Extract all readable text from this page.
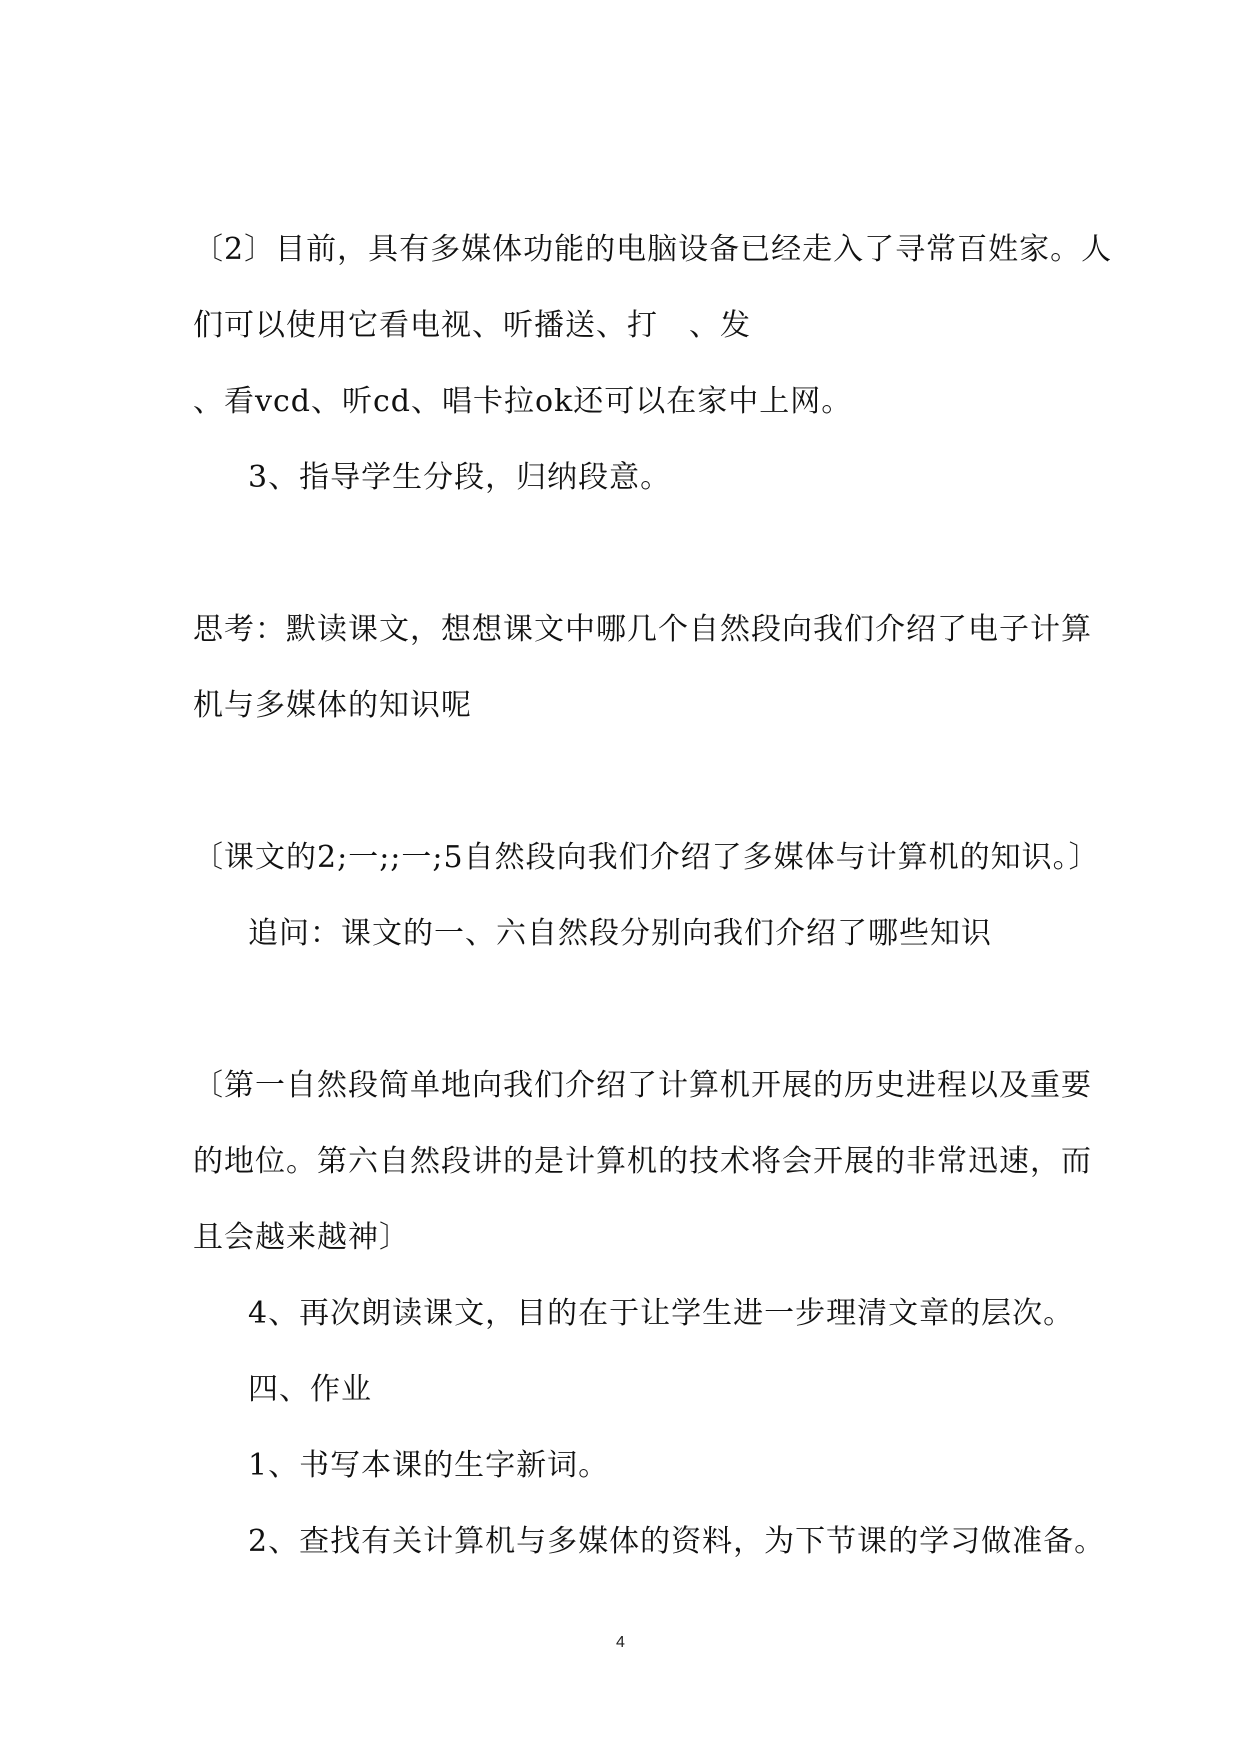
〔2〕目前，具有多媒体功能的电脑设备已经走入了寻常百姓家。人
们可以使用它看电视、听播送、打　、发
、看vcd、听cd、唱卡拉ok还可以在家中上网。
3、指导学生分段，归纳段意。
思考：默读课文，想想课文中哪几个自然段向我们介绍了电子计算
机与多媒体的知识呢
〔课文的2;一;;一;5自然段向我们介绍了多媒体与计算机的知识。〕
追问：课文的一、六自然段分别向我们介绍了哪些知识
〔第一自然段简单地向我们介绍了计算机开展的历史进程以及重要
的地位。第六自然段讲的是计算机的技术将会开展的非常迅速，而
且会越来越神〕
4、再次朗读课文，目的在于让学生进一步理清文章的层次。
四、作业
1、书写本课的生字新词。
2、查找有关计算机与多媒体的资料，为下节课的学习做准备。
4
